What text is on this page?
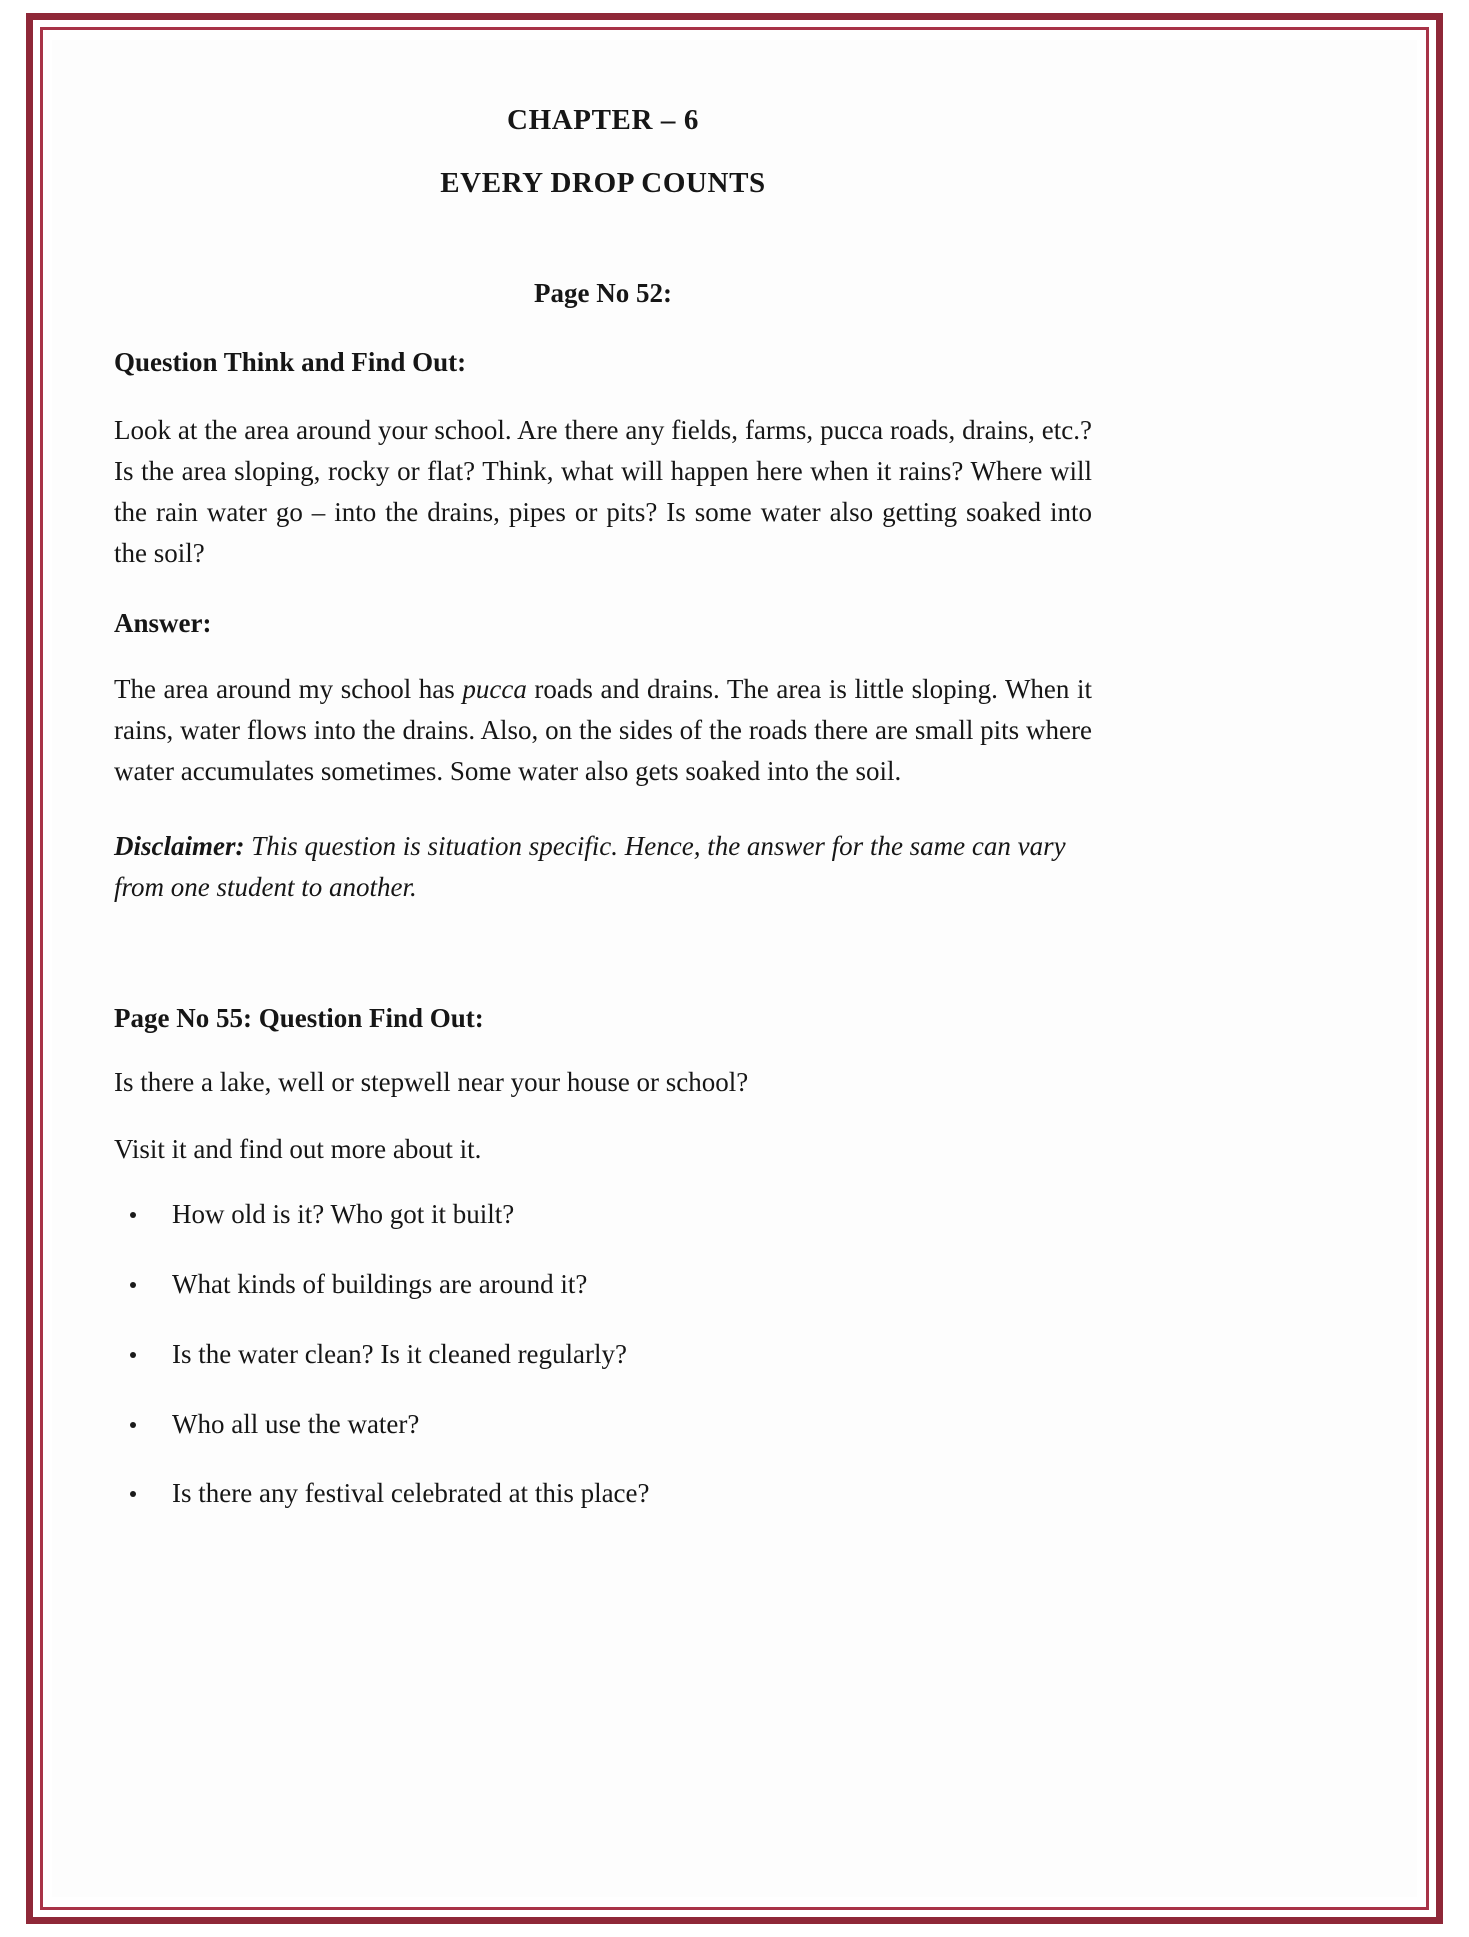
CHAPTER – 6
EVERY DROP COUNTS
Page No 52:
Question Think and Find Out:

Look at the area around your school. Are there any fields, farms, pucca roads, drains, etc.? Is the area sloping, rocky or flat? Think, what will happen here when it rains? Where will the rain water go – into the drains, pipes or pits? Is some water also getting soaked into the soil?

Answer:

The area around my school has pucca roads and drains. The area is little sloping. When it rains, water flows into the drains. Also, on the sides of the roads there are small pits where water accumulates sometimes. Some water also gets soaked into the soil.

Disclaimer: This question is situation specific. Hence, the answer for the same can vary from one student to another.

Page No 55: Question Find Out:

Is there a lake, well or stepwell near your house or school?

Visit it and find out more about it.

How old is it? Who got it built?
What kinds of buildings are around it?
Is the water clean? Is it cleaned regularly?
Who all use the water?
Is there any festival celebrated at this place?
